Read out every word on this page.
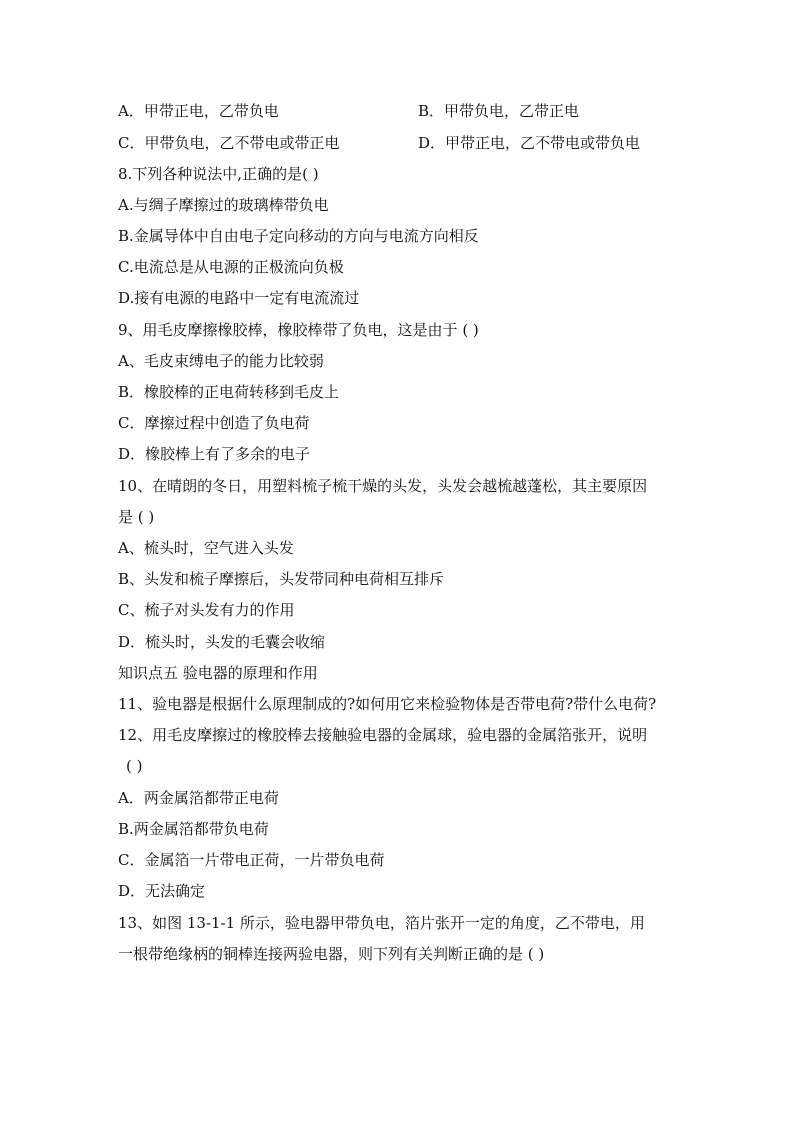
A．甲带正电，乙带负电	B．甲带负电，乙带正电
C．甲带负电，乙不带电或带正电	D．甲带正电，乙不带电或带负电
8.下列各种说法中,正确的是( )
A.与绸子摩擦过的玻璃棒带负电
B.金属导体中自由电子定向移动的方向与电流方向相反
C.电流总是从电源的正极流向负极
D.接有电源的电路中一定有电流流过
9、用毛皮摩擦橡胶棒，橡胶棒带了负电，这是由于 ( )
A、毛皮束缚电子的能力比较弱
B．橡胶棒的正电荷转移到毛皮上
C．摩擦过程中创造了负电荷
D．橡胶棒上有了多余的电子
10、在晴朗的冬日，用塑料梳子梳干燥的头发，头发会越梳越蓬松，其主要原因
是 ( )
A、梳头时，空气进入头发
B、头发和梳子摩擦后，头发带同种电荷相互排斥
C、梳子对头发有力的作用
D．梳头时，头发的毛囊会收缩
知识点五 验电器的原理和作用
11、验电器是根据什么原理制成的?如何用它来检验物体是否带电荷?带什么电荷?
12、用毛皮摩擦过的橡胶棒去接触验电器的金属球，验电器的金属箔张开，说明
( )
A．两金属箔都带正电荷
B.两金属箔都带负电荷
C．金属箔一片带电正荷，一片带负电荷
D．无法确定
13、如图 13-1-1 所示，验电器甲带负电，箔片张开一定的角度，乙不带电，用
一根带绝缘柄的铜棒连接两验电器，则下列有关判断正确的是 ( )
